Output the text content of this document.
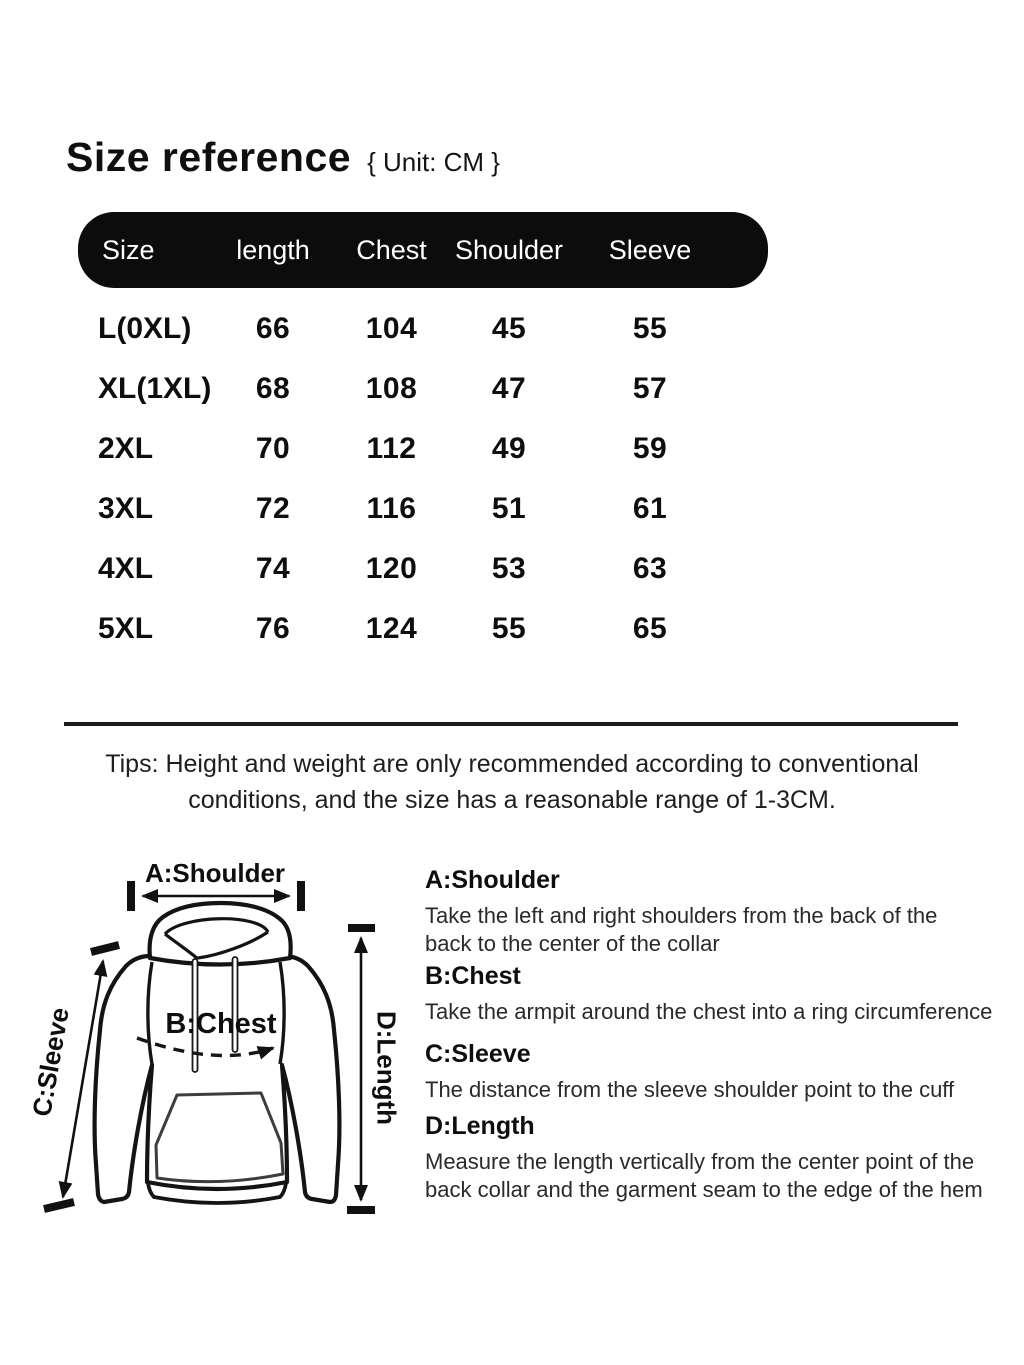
Size reference { Unit: CM }
Size	length	Chest	Shoulder	Sleeve
L(0XL)	66	104	45	55
XL(1XL)	68	108	47	57
2XL	70	112	49	59
3XL	72	116	51	61
4XL	74	120	53	63
5XL	76	124	55	65
Tips: Height and weight are only recommended according to conventional
conditions, and the size has a reasonable range of 1-3CM.
A:Shoulder
B:Chest
C:Sleeve	D:Length
A:Shoulder

Take the left and right shoulders from the back of the back to the center of the collar

B:Chest

Take the armpit around the chest into a ring circumference

C:Sleeve

The distance from the sleeve shoulder point to the cuff

D:Length

Measure the length vertically from the center point of the back collar and the garment seam to the edge of the hem
